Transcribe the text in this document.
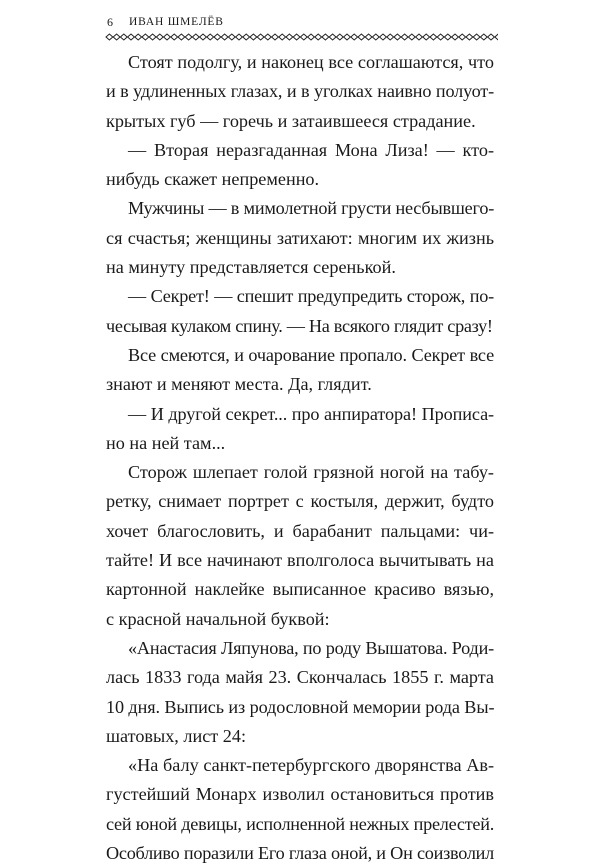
6	ИВАН ШМЕЛЁВ
Стоят подолгу, и наконец все соглашаются, что
и в удлиненных глазах, и в уголках наивно полуот-
крытых губ — горечь и затаившееся страдание.
— Вторая неразгаданная Мона Лиза! — кто-
нибудь скажет непременно.
Мужчины — в мимолетной грусти несбывшего-
ся счастья; женщины затихают: многим их жизнь
на минуту представляется серенькой.
— Секрет! — спешит предупредить сторож, по-
чесывая кулаком спину. — На всякого глядит сразу!
Все смеются, и очарование пропало. Секрет все
знают и меняют места. Да, глядит.
— И другой секрет... про анпиратора! Прописа-
но на ней там...
Сторож шлепает голой грязной ногой на табу-
ретку, снимает портрет с костыля, держит, будто
хочет благословить, и барабанит пальцами: чи-
тайте! И все начинают вполголоса вычитывать на
картонной наклейке выписанное красиво вязью,
с красной начальной буквой:
«Анастасия Ляпунова, по роду Вышатова. Роди-
лась 1833 года майя 23. Скончалась 1855 г. марта
10 дня. Выпись из родословной мемории рода Вы-
шатовых, лист 24:
«На балу санкт-петербургского дворянства Ав-
густейший Монарх изволил остановиться против
сей юной девицы, исполненной нежных прелестей.
Особливо поразили Его глаза оной, и Он соизволил
